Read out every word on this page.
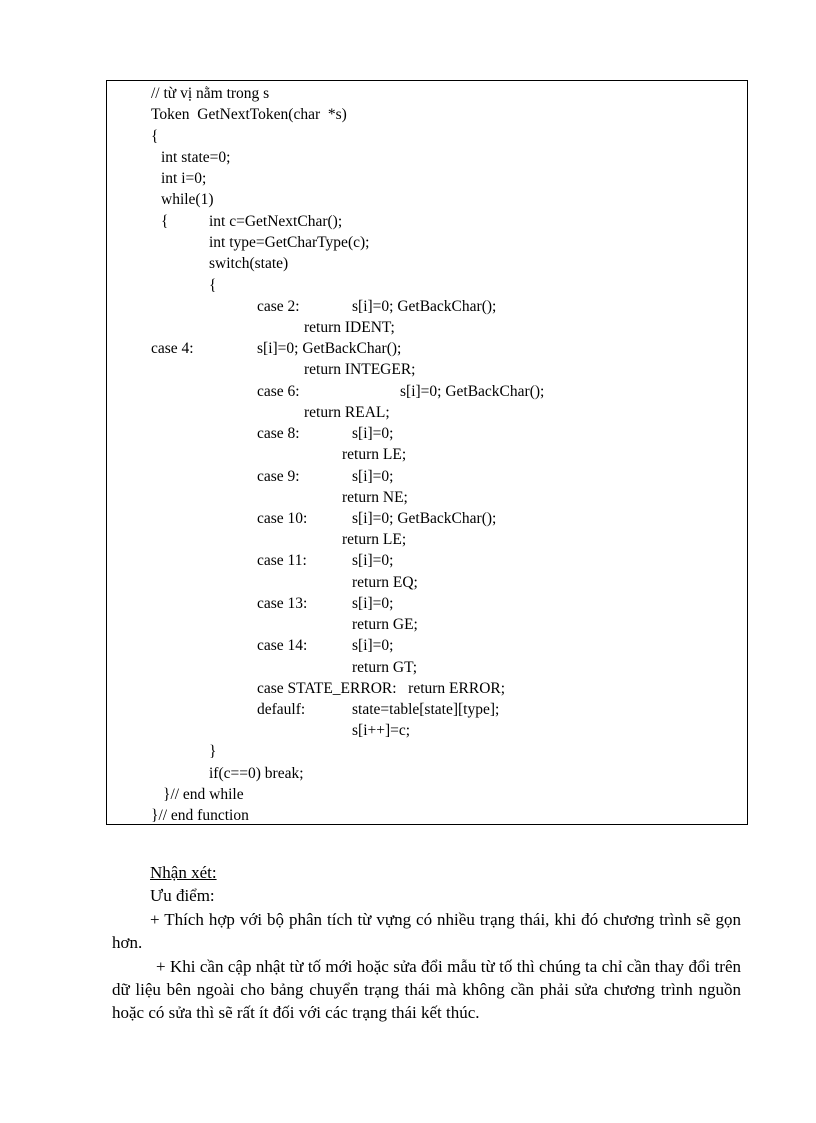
// từ vị nằm trong s
Token  GetNextToken(char  *s)
{
int state=0;
int i=0;
while(1)
{	int c=GetNextChar();
int type=GetCharType(c);
switch(state)
{
case 2:	s[i]=0; GetBackChar();
return IDENT;
case 4:	s[i]=0; GetBackChar();
return INTEGER;
case 6:	s[i]=0; GetBackChar();
return REAL;
case 8:	s[i]=0;
return LE;
case 9:	s[i]=0;
return NE;
case 10:	s[i]=0; GetBackChar();
return LE;
case 11:	s[i]=0;
return EQ;
case 13:	s[i]=0;
return GE;
case 14:	s[i]=0;
return GT;
case STATE_ERROR:   return ERROR;
defaulf:	state=table[state][type];
s[i++]=c;
}
if(c==0) break;
}// end while
}// end function
Nhận xét:
Ưu điểm:
+ Thích hợp với bộ phân tích từ vựng có nhiều trạng thái, khi đó chương trình sẽ gọn hơn.
+ Khi cần cập nhật từ tố mới hoặc sửa đổi mẫu từ tố thì chúng ta chỉ cần thay đổi trên dữ liệu bên ngoài cho bảng chuyển trạng thái mà không cần phải sửa chương trình nguồn hoặc có sửa thì sẽ rất ít đối với các trạng thái kết thúc.
